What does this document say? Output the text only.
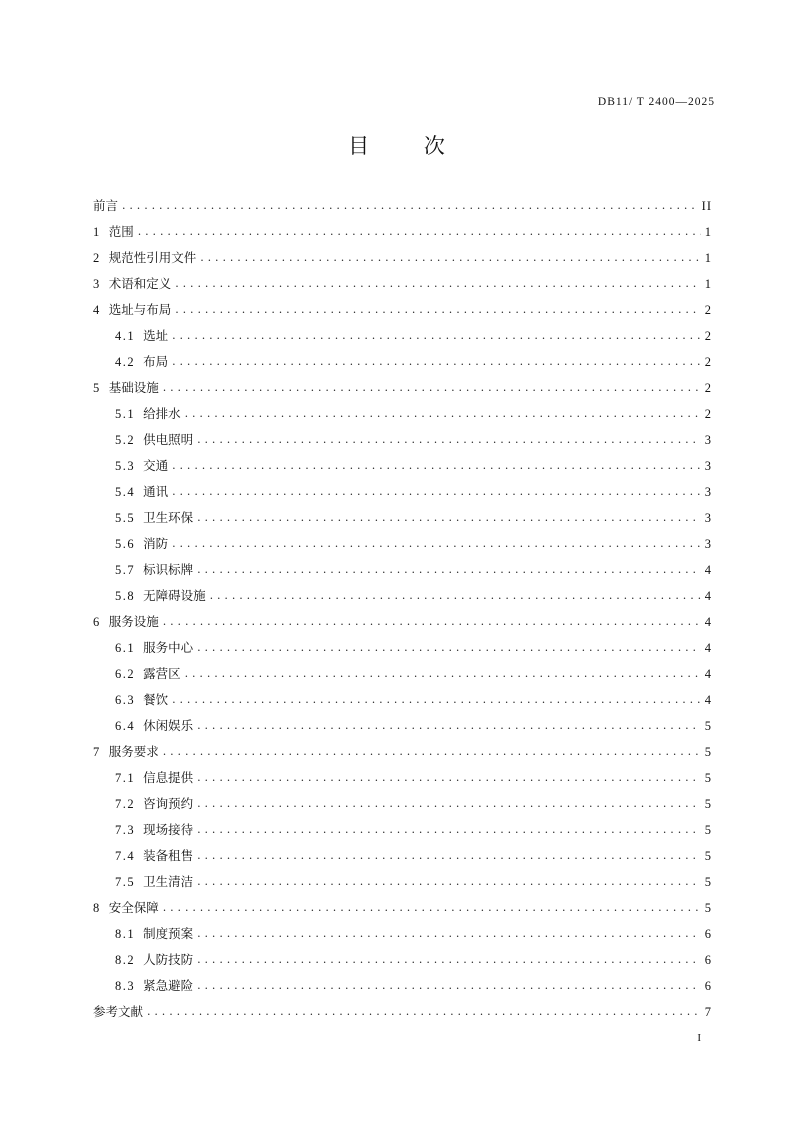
DB11/ T 2400—2025
目 次
前言 . . .	II
1 范围 . . .	1
2 规范性引用文件 . . .	1
3 术语和定义 . . .	1
4 选址与布局 . . .	2
4.1 选址 . . .	2
4.2 布局 . . .	2
5 基础设施 . . .	2
5.1 给排水 . . .	2
5.2 供电照明 . . .	3
5.3 交通 . . .	3
5.4 通讯 . . .	3
5.5 卫生环保 . . .	3
5.6 消防 . . .	3
5.7 标识标牌 . . .	4
5.8 无障碍设施 . . .	4
6 服务设施 . . .	4
6.1 服务中心 . . .	4
6.2 露营区 . . .	4
6.3 餐饮 . . .	4
6.4 休闲娱乐 . . .	5
7 服务要求 . . .	5
7.1 信息提供 . . .	5
7.2 咨询预约 . . .	5
7.3 现场接待 . . .	5
7.4 装备租售 . . .	5
7.5 卫生清洁 . . .	5
8 安全保障 . . .	5
8.1 制度预案 . . .	6
8.2 人防技防 . . .	6
8.3 紧急避险 . . .	6
参考文献 . . .	7
I
